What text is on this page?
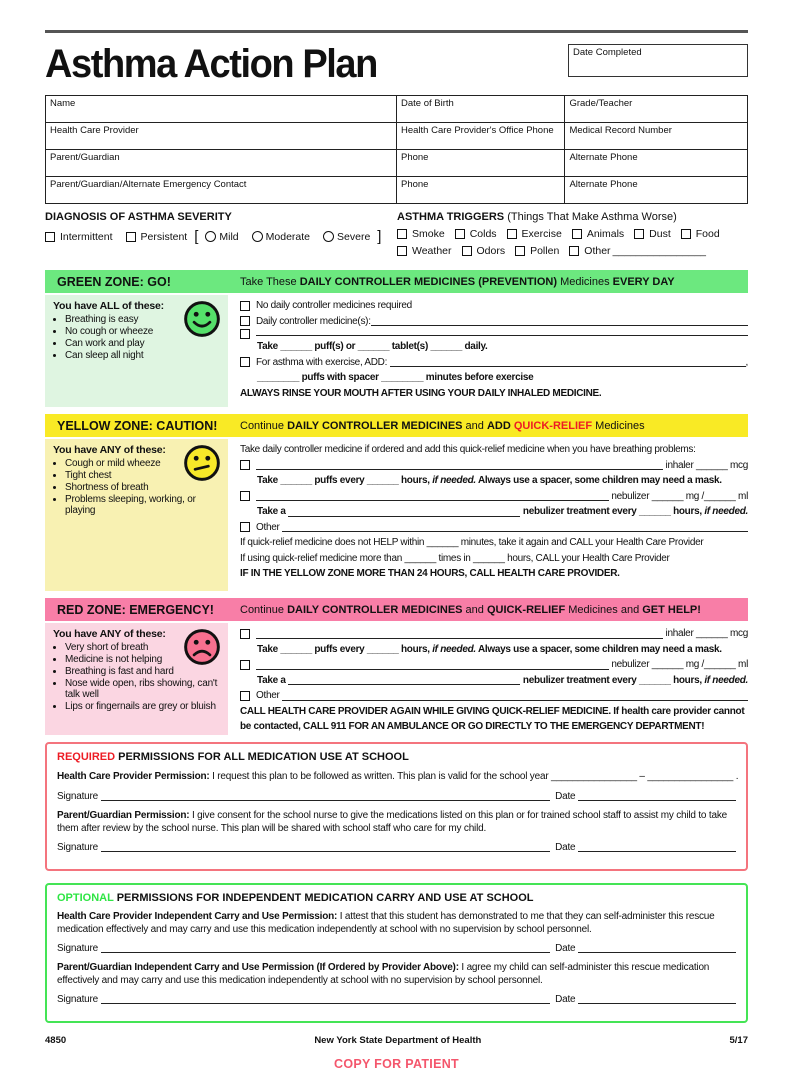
Asthma Action Plan	Date Completed
Name	Date of Birth	Grade/Teacher
Health Care Provider	Health Care Provider's Office Phone	Medical Record Number
Parent/Guardian	Phone	Alternate Phone
Parent/Guardian/Alternate Emergency Contact	Phone	Alternate Phone
DIAGNOSIS OF ASTHMA SEVERITY
Intermittent	Persistent [ Mild	Moderate	Severe ]
ASTHMA TRIGGERS (Things That Make Asthma Worse)
Smoke Colds Exercise Animals Dust Food
Weather Odors Pollen Other ________________
GREEN ZONE: GO!	Take These DAILY CONTROLLER MEDICINES (PREVENTION) Medicines EVERY DAY
You have ALL of these:
• Breathing is easy
• No cough or wheeze
• Can work and play
• Can sleep all night
No daily controller medicines required
Daily controller medicine(s):
Take ______ puff(s) or ______ tablet(s) ______ daily.
For asthma with exercise, ADD:	,
________ puffs with spacer ________ minutes before exercise
ALWAYS RINSE YOUR MOUTH AFTER USING YOUR DAILY INHALED MEDICINE.
YELLOW ZONE: CAUTION!	Continue DAILY CONTROLLER MEDICINES and ADD QUICK-RELIEF Medicines
You have ANY of these:
• Cough or mild wheeze
• Tight chest
• Shortness of breath
• Problems sleeping, working, or playing
Take daily controller medicine if ordered and add this quick-relief medicine when you have breathing problems:
inhaler ______ mcg
Take ______ puffs every ______ hours, if needed. Always use a spacer, some children may need a mask.
nebulizer ______ mg /______ ml
Take a	nebulizer treatment every ______ hours, if needed.
Other
If quick-relief medicine does not HELP within ______ minutes, take it again and CALL your Health Care Provider
If using quick-relief medicine more than ______ times in ______ hours, CALL your Health Care Provider
IF IN THE YELLOW ZONE MORE THAN 24 HOURS, CALL HEALTH CARE PROVIDER.
RED ZONE: EMERGENCY!	Continue DAILY CONTROLLER MEDICINES and QUICK-RELIEF Medicines and GET HELP!
You have ANY of these:
• Very short of breath
• Medicine is not helping
• Breathing is fast and hard
• Nose wide open, ribs showing, can't talk well
• Lips or fingernails are grey or bluish
inhaler ______ mcg
Take ______ puffs every ______ hours, if needed. Always use a spacer, some children may need a mask.
nebulizer ______ mg /______ ml
Take a	nebulizer treatment every ______ hours, if needed.
Other
CALL HEALTH CARE PROVIDER AGAIN WHILE GIVING QUICK-RELIEF MEDICINE. If health care provider cannot be contacted, CALL 911 FOR AN AMBULANCE OR GO DIRECTLY TO THE EMERGENCY DEPARTMENT!
REQUIRED PERMISSIONS FOR ALL MEDICATION USE AT SCHOOL
Health Care Provider Permission: I request this plan to be followed as written. This plan is valid for the school year ________________ – ________________ .
Signature	Date
Parent/Guardian Permission: I give consent for the school nurse to give the medications listed on this plan or for trained school staff to assist my child to take them after review by the school nurse. This plan will be shared with school staff who care for my child.
Signature	Date
OPTIONAL PERMISSIONS FOR INDEPENDENT MEDICATION CARRY AND USE AT SCHOOL
Health Care Provider Independent Carry and Use Permission: I attest that this student has demonstrated to me that they can self-administer this rescue medication effectively and may carry and use this medication independently at school with no supervision by school personnel.
Signature	Date
Parent/Guardian Independent Carry and Use Permission (If Ordered by Provider Above): I agree my child can self-administer this rescue medication effectively and may carry and use this medication independently at school with no supervision by school personnel.
Signature	Date
4850	New York State Department of Health	5/17
COPY FOR PATIENT
